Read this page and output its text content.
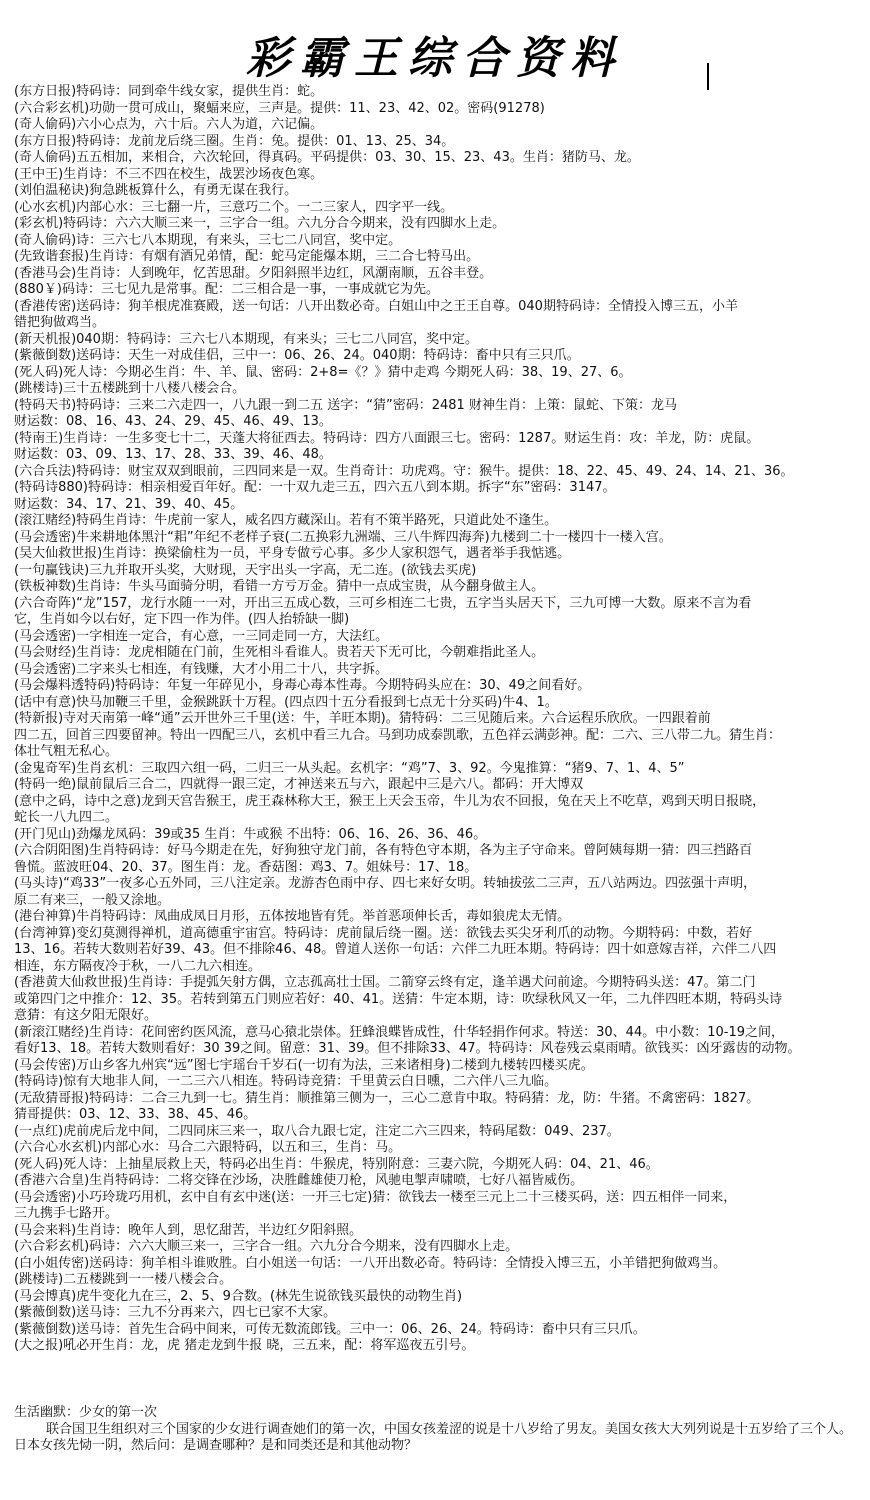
彩霸王综合资料
(东方日报)特码诗：同到牵牛线女家，提供生肖：蛇。
(六合彩玄机)功勋一贯可成山，聚蝠来应，三声是。提供：11、23、42、02。密码(91278)
(奇人偷码)六小心点为，六十后。六人为道，六记偏。
(东方日报)特码诗：龙前龙后绕三圈。生肖：兔。提供：01、13、25、34。
(奇人偷码)五五相加，来相合，六次轮回，得真码。平码提供：03、30、15、23、43。生肖：猪防马、龙。
(王中王)生肖诗：不三不四在校生，战罢沙场夜色寒。
(刘伯温秘诀)狗急跳板算什么，有勇无谋在我行。
(心水玄机)内部心水：三七翻一片，三意巧二个。一二三家人，四字平一线。
(彩玄机)特码诗：六六大顺三来一，三字合一组。六九分合今期来，没有四脚水上走。
(奇人偷码)诗：三六七八本期现，有来头，三七二八同宫，奖中定。
(先致谐套报)生肖诗：有烟有酒兄弟情，配：蛇马定能爆本期，三二合七特马出。
(香港马会)生肖诗：人到晚年，忆苦思甜。夕阳斜照半边红，风潮南顺，五谷丰登。
(880￥)码诗：三七见九是常事。配：二三相合是一事，一事成就它为先。
(香港传密)送码诗：狗羊根虎准赛殿，送一句话：八开出数必奇。白姐山中之王王自尊。040期特码诗：全情投入博三五，小羊
错把狗做鸡当。
(新天机报)040期：特码诗：三六七八本期现，有来头；三七二八同宫，奖中定。
(紫薇倒数)送码诗：天生一对成佳侣，三中一：06、26、24。040期：特码诗：畜中只有三只爪。
(死人码)死人诗：今期必生肖：牛、羊、鼠、密码：2+8=《？》猜中走鸡 今期死人码：38、19、27、6。
(跳楼诗)三十五楼跳到十八楼八楼会合。
(特码天书)特码诗：三来二六走四一，八九跟一到二五 送字：“猜”密码：2481 财神生肖：上策：鼠蛇、下策：龙马
财运数：08、16、43、24、29、45、46、49、13。
(特南王)生肖诗：一生多变七十二，天蓬大将征西去。特码诗：四方八面跟三七。密码：1287。财运生肖：攻：羊龙，防：虎鼠。
财运数：03、09、13、17、28、33、39、46、48。
(六合兵法)特码诗：财宝双双到眼前，三四同来是一双。生肖奇计：功虎鸡。守：猴牛。提供：18、22、45、49、24、14、21、36。
(特码诗880)特码诗：相亲相爱百年好。配：一十双九走三五，四六五八到本期。拆字“东”密码：3147。
财运数：34、17、21、39、40、45。
(滚江赌经)特码生肖诗：牛虎前一家人，威名四方藏深山。若有不策半路死，只道此处不逢生。
(马会透密)牛来耕地体黑汁“耜”年纪不老样子衰(二五换彩九洲端、三八牛辉四海奔)九楼到二十一楼四十一楼入宫。
(吴大仙救世报)生肖诗：换梁偷柱为一员，平身专做亏心事。多少人家积怨气，遇者举手我惦逃。
(一句赢钱诀)三九并取开头奖，大财现，天宇出头一字高，无二连。(欲钱去买虎)
(铁板神数)生肖诗：牛头马面骑分明，看错一方亏万金。猜中一点成宝贵，从今翻身做主人。
(六合奇阵)“龙”157，龙行水随一一对，开出三五成心数，三可乡相连二七贵，五字当头居天下，三九可博一大数。原来不言为看
它，生肖如今以右好，定下四一作为伴。(四人抬轿缺一脚)
(马会透密)一字相连一定合，有心意，一三同走同一方，大法红。
(马会财经)生肖诗：龙虎相随在门前，生死相斗看谁人。贵若天下无可比，今朝难指此圣人。
(马会透密)二字来头七相连，有钱赚，大才小用二十八，共字拆。
(马会爆料透特码)特码诗：年复一年碎见小，身毒心毒本性毒。今期特码头应在：30、49之间看好。
(话中有意)快马加鞭三千里，金猴跳跃十万程。(四点四十五分看报到七点无十分买码)牛4、1。
(特新报)寺对天南第一峰“通”云开世外三千里(送：牛，羊旺本期)。猜特码：二三见随后来。六合运程乐欣欣。一四跟着前
四二五，回首三四要留神。特出一四配三八，玄机中看三九合。马到功成泰凯歌，五色祥云满彭神。配：二六、三八带二九。猜生肖：
体壮气粗无私心。
(金鬼奇军)生肖玄机：三取四六组一码，二归三一从头起。玄机字：“鸡”7、3、92。今鬼推算：“猪9、7、1、4、5”
(特码一绝)鼠前鼠后三合二，四就得一跟三定，才神送来五与六，跟起中三是六八。都码：开大博双
(意中之码，诗中之意)龙到天宫告猴王，虎王森林称大王，猴王上天会玉帝，牛儿为农不回报，兔在天上不吃草，鸡到天明日报晓，
蛇长一八九四二。
(开门见山)劲爆龙凤码：39或35 生肖：牛或猴 不出特：06、16、26、36、46。
(六合阴阳图)生肖特码诗：好马今期走在先，好狗独守龙门前，各有特色守本期，各为主子守命来。曾阿姨每期一猜：四三挡路百
鲁慌。蓝波旺04、20、37。图生肖：龙。香菇图：鸡3、7。姐妹号：17、18。
(马头诗)“鸡33”一夜多心五外同，三八注定亲。龙游杏色雨中存、四七来好女明。转轴拔弦二三声，五八站两边。四弦强十声明，
原二有来三，一般又涂地。
(港台神算)牛肖特码诗：凤曲成凤日月形，五体按地皆有凭。举首恶项伸长舌，毒如狼虎太无情。
(台湾神算)变幻莫测得禅机，道高德重宇宙宫。特码诗：虎前鼠后绕一圈。送：欲钱去买尖牙利爪的动物。今期特码：中数，若好
13、16。若转大数则若好39、43。但不排除46、48。曾道人送你一句话：六伴二九旺本期。特码诗：四十如意嫁吉祥，六伴二八四
相连，东方隔夜冷于秋，一八二九六相连。
(香港黄大仙救世报)生肖诗：手提弧矢射方偶，立志孤高壮士国。二箭穿云终有定，逢羊遇犬问前途。今期特码头送：47。第二门
或第四门之中推介：12、35。若转到第五门则应若好：40、41。送猜：牛定本期，诗：吹绿秋风又一年，二九伴四旺本期，特码头诗
意猜：有这夕阳无限好。
(新滚江赌经)生肖诗：花间密约医风流，意马心猿北崇体。狂蜂浪蝶皆成性，什华轻捐作何求。特送：30、44。中小数：10-19之间，
看好13、18。若转大数则看好：30 39之间。留意：31、39。但不排除33、47。特码诗：风卷残云桌雨晴。欲钱买：凶牙露齿的动物。
(马会传密)万山乡客九州宾“远”图七宇瑶台千岁石(一切有为法，三来诸相身)二楼到九楼转四楼买虎。
(特码诗)惊有大地非人间，一二三六八相连。特码诗竞猜：千里黄云白日曛，二六伴八三九临。
(无敌猜哥报)特码诗：二合三九到一七。猜生肖：顺推第三侧为一，三心二意肯中取。特码猜：龙，防：牛猪。不禽密码：1827。
猜哥提供：03、12、33、38、45、46。
(一点红)虎前虎后龙中间，二四同床三来一，取八合九跟七定，注定二六三四来，特码尾数：049、237。
(六合心水玄机)内部心水：马合二六跟特码，以五和三，生肖：马。
(死人码)死人诗：上抽星辰救上天，特码必出生肖：牛猴虎，特别附意：三妻六院，今期死人码：04、21、46。
(香港六合皇)生肖特码诗：二将交锋在沙场，决胜雌雄使刀枪，风驰电掣声啸喷，七好八福皆威伤。
(马会透密)小巧玲珑巧用机，玄中自有玄中迷(送：一开三七定)猜：欲钱去一楼至三元上二十三楼买码，送：四五相伴一同来，
三九携手七路开。
(马会来料)生肖诗：晚年人到，思忆甜苦，半边红夕阳斜照。
(六合彩玄机)码诗：六六大顺三来一，三字合一组。六九分合今期来，没有四脚水上走。
(白小姐传密)送码诗：狗羊相斗谁败胜。白小姐送一句话：一八开出数必奇。特码诗：全情投入博三五，小羊错把狗做鸡当。
(跳楼诗)二五楼跳到一一楼八楼会合。
(马会博真)虎牛变化九在三，2、5、9合数。(林先生说欲钱买最快的动物生肖)
(紫薇倒数)送马诗：三九不分再来六，四七已家不大家。
(紫薇倒数)送马诗：首先生合码中间来，可传无数流郎钱。三中一：06、26、24。特码诗：畜中只有三只爪。
(大之报)吼必开生肖：龙，虎 猪走龙到牛报 晓，三五来，配：将军巡夜五引号。
生活幽默：少女的第一次
联合国卫生组织对三个国家的少女进行调查她们的第一次，中国女孩羞涩的说是十八岁给了男友。美国女孩大大列列说是十五岁给了三个人。日本女孩先恸一阴，然后问：是调查哪种？是和同类还是和其他动物？
